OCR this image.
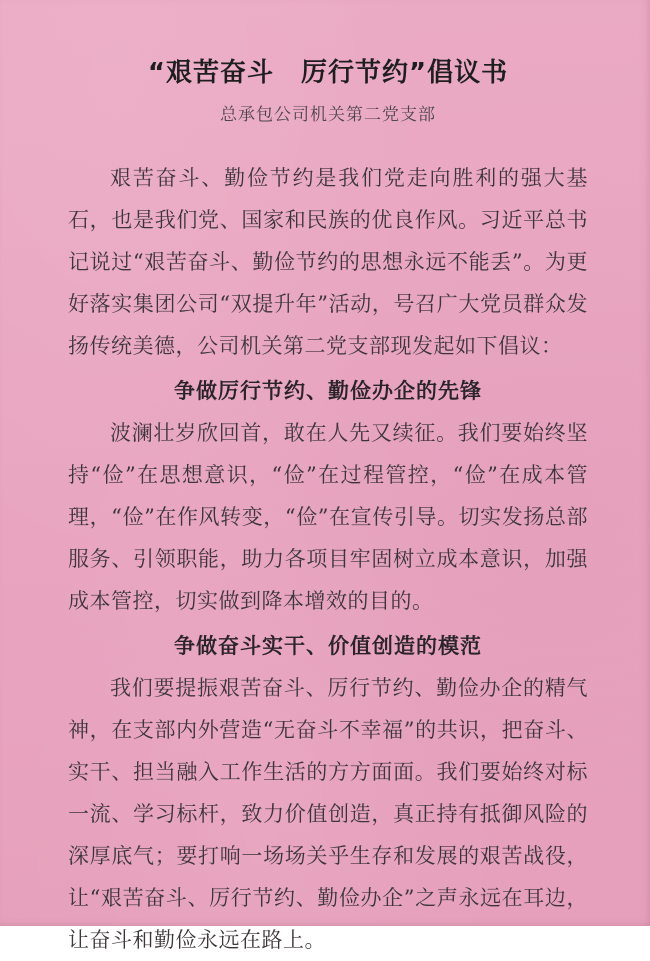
“艰苦奋斗　厉行节约”倡议书
总承包公司机关第二党支部

艰苦奋斗、勤俭节约是我们党走向胜利的强大基石，也是我们党、国家和民族的优良作风。习近平总书记说过“艰苦奋斗、勤俭节约的思想永远不能丢”。为更好落实集团公司“双提升年”活动，号召广大党员群众发扬传统美德，公司机关第二党支部现发起如下倡议：

争做厉行节约、勤俭办企的先锋

波澜壮岁欣回首，敢在人先又续征。我们要始终坚持“俭”在思想意识，“俭”在过程管控，“俭”在成本管理，“俭”在作风转变，“俭”在宣传引导。切实发扬总部服务、引领职能，助力各项目牢固树立成本意识，加强成本管控，切实做到降本增效的目的。

争做奋斗实干、价值创造的模范

我们要提振艰苦奋斗、厉行节约、勤俭办企的精气神，在支部内外营造“无奋斗不幸福”的共识，把奋斗、实干、担当融入工作生活的方方面面。我们要始终对标一流、学习标杆，致力价值创造，真正持有抵御风险的深厚底气；要打响一场场关乎生存和发展的艰苦战役，让“艰苦奋斗、厉行节约、勤俭办企”之声永远在耳边，让奋斗和勤俭永远在路上。
